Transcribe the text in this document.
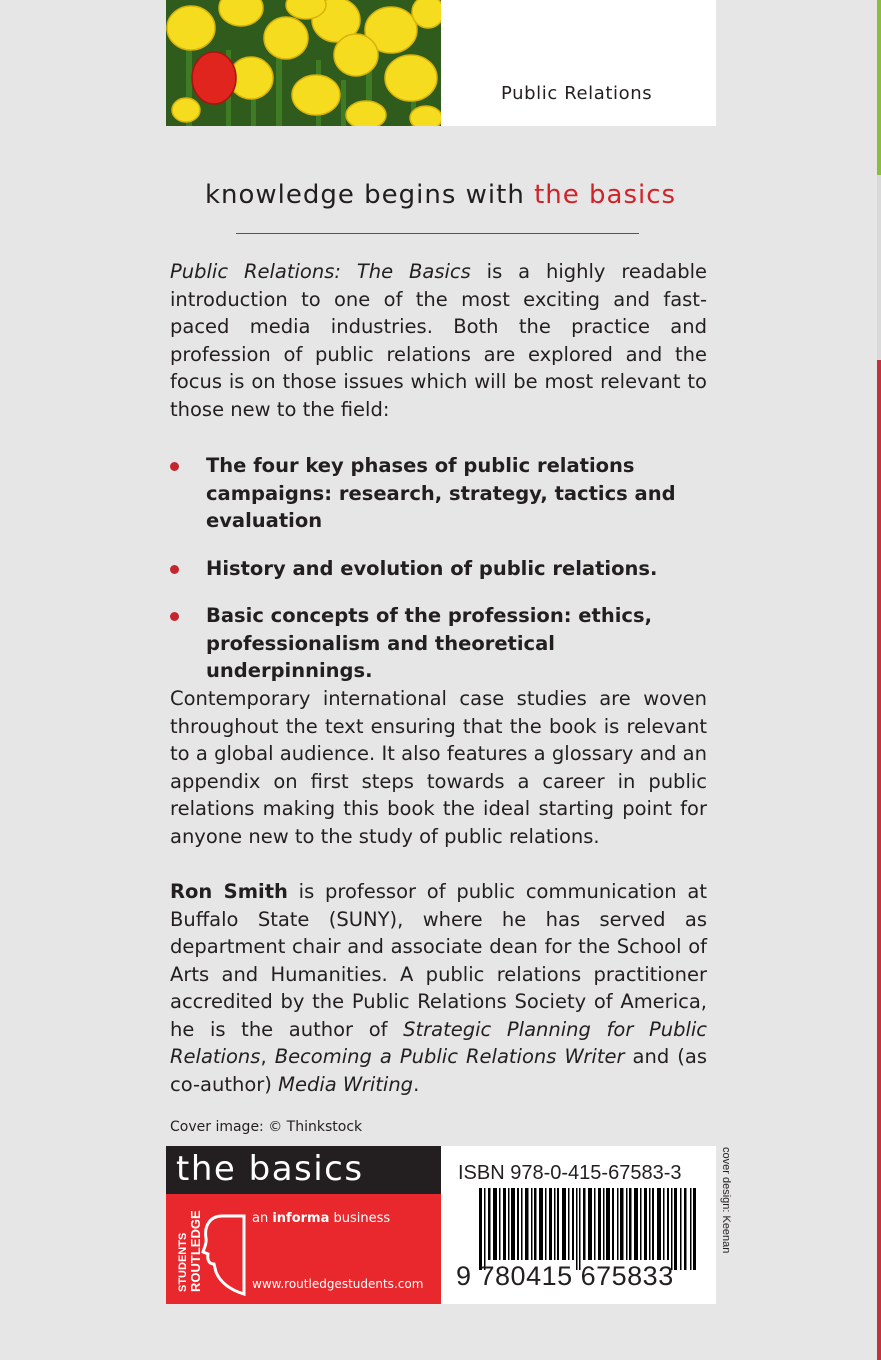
Public Relations
knowledge begins with the basics
Public Relations: The Basics is a highly readable introduction to one of the most exciting and fast-paced media industries. Both the practice and profession of public relations are explored and the focus is on those issues which will be most relevant to those new to the field:
The four key phases of public relations campaigns: research, strategy, tactics and evaluation
History and evolution of public relations.
Basic concepts of the profession: ethics, professionalism and theoretical underpinnings.
Contemporary international case studies are woven throughout the text ensuring that the book is relevant to a global audience. It also features a glossary and an appendix on first steps towards a career in public relations making this book the ideal starting point for anyone new to the study of public relations.
Ron Smith is professor of public communication at Buffalo State (SUNY), where he has served as department chair and associate dean for the School of Arts and Humanities. A public relations practitioner accredited by the Public Relations Society of America, he is the author of Strategic Planning for Public Relations, Becoming a Public Relations Writer and (as co-author) Media Writing.
Cover image: © Thinkstock
the basics
STUDENTS ROUTLEDGE	an informa business
www.routledgestudents.com
ISBN 978-0-415-67583-3
9 780415 675833
cover design: Keenan
